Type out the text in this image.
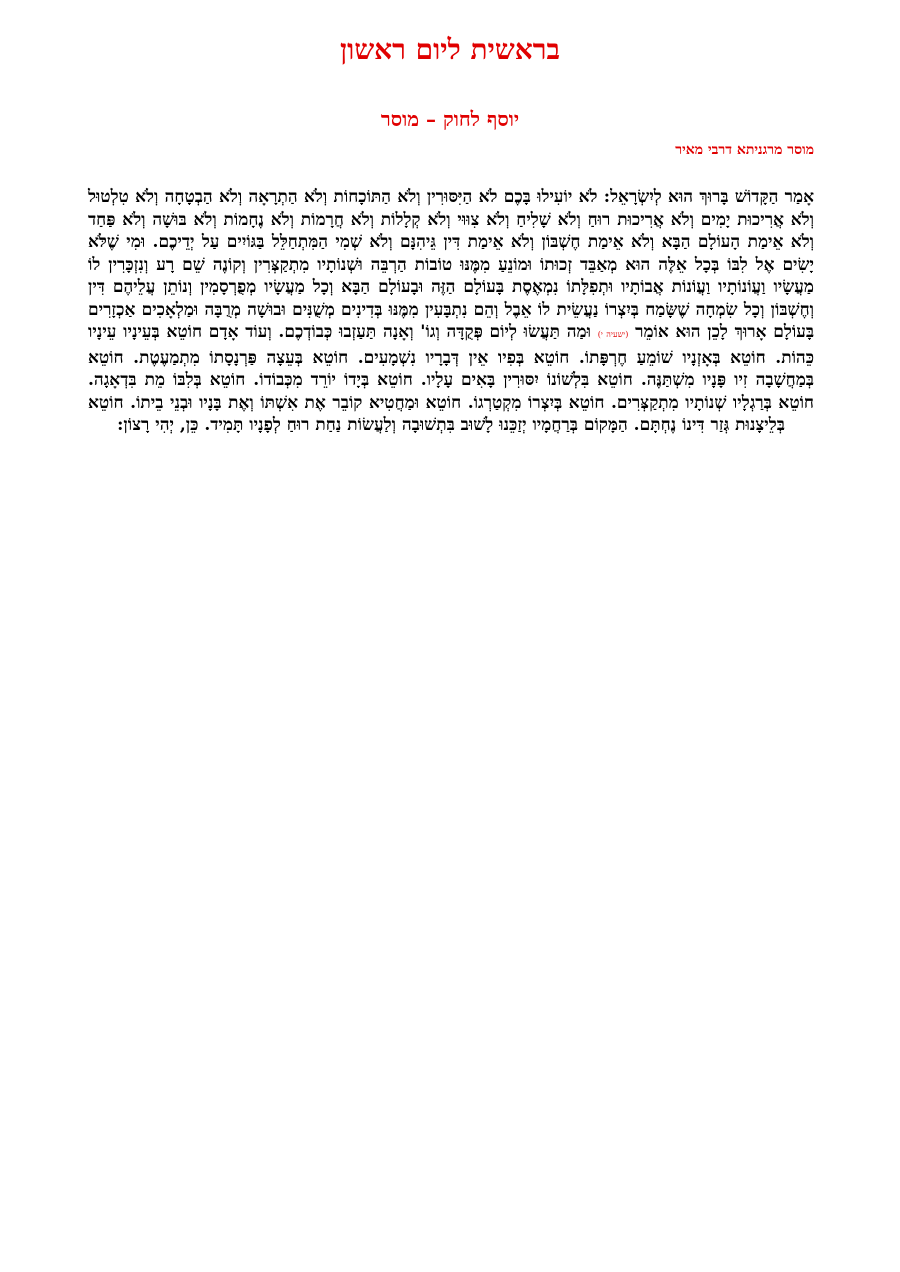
בראשית ליום ראשון
יוסף לחוק – מוסר
מוסר מרגניתא דרבי מאיר

אָמַר הַקָּדוֹשׁ בָּרוּךְ הוּא לְיִשְׂרָאֵל: לֹא יוֹעִילוּ בָּכֶם לֹא הַיִּסּוּרִין וְלֹא הַתּוֹכָחוֹת וְלֹא הַתְרָאָה וְלֹא הַבְטָחָה וְלֹא טִלְטוּל וְלֹא אֲרִיכוּת יָמִים וְלֹא אֲרִיכוּת רוּחַ וְלֹא שָׁלִיחַ וְלֹא צִוּוּי וְלֹא קְלָלוֹת וְלֹא חֲרָמוֹת וְלֹא נֶחָמוֹת וְלֹא בּוּשָׁה וְלֹא פַּחַד וְלֹא אֵימַת הָעוֹלָם הַבָּא וְלֹא אֵימַת חֶשְׁבּוֹן וְלֹא אֵימַת דִּין גֵּיהִנָּם וְלֹא שְׁמִי הַמִּתְחַלֵּל בַּגּוֹיִים עַל יְדֵיכֶם. וּמִי שֶׁלֹּא יָשִׂים אֶל לִבּוֹ בְּכָל אֵלֶּה הוּא מְאַבֵּד זְכוּתוֹ וּמוֹנֵעַ מִמֶּנּוּ טוֹבוֹת הַרְבֵּה וּשְׁנוֹתָיו מִתְקַצְּרִין וְקוֹנֶה שֵׁם רָע וְנִזְכָּרִין לוֹ מַעֲשָׂיו וַעֲוֹנוֹתָיו וַעֲוֹנוֹת אֲבוֹתָיו וּתְפִלָּתוֹ נִמְאֶסֶת בָּעוֹלָם הַזֶּה וּבָעוֹלָם הַבָּא וְכָל מַעֲשָׂיו מְפֻרְסָמִין וְנוֹתֵן עֲלֵיהֶם דִּין וְחֶשְׁבּוֹן וְכָל שִׂמְחָה שֶׁשָּׂמַח בְּיִצְרוֹ נַעֲשֵׂית לוֹ אֵבֶל וְהֵם נִתְבָּעִין מִמֶּנּוּ בְּדִינִים מְשֻׁנִּים וּבוּשָׁה מְרֻבָּה וּמַלְאָכִים אַכְזָרִים בָּעוֹלָם אָרוּךְ לָכֵן הוּא אוֹמֵר (ישעיה י) וּמַה תַּעֲשׂוּ לְיוֹם פְּקֻדָּה וְגוֹ' וְאָנָה תַּעַזְבוּ כְּבוֹדְכֶם. וְעוֹד אָדָם חוֹטֵא בְּעֵינָיו עֵינָיו כֵּהוֹת. חוֹטֵא בְּאָזְנָיו שׁוֹמֵעַ חֶרְפָּתוֹ. חוֹטֵא בְּפִיו אֵין דְּבָרָיו נִשְׁמָעִים. חוֹטֵא בְּעֵצָה פַּרְנָסָתוֹ מִתְמַעֶטֶת. חוֹטֵא בְּמַחֲשָׁבָה זִיו פָּנָיו מִשְׁתַּנֶּה. חוֹטֵא בִּלְשׁוֹנוֹ יִסּוּרִין בָּאִים עָלָיו. חוֹטֵא בְּיָדוֹ יוֹרֵד מִכְּבוֹדוֹ. חוֹטֵא בְּלִבּוֹ מֵת בִּדְאָגָה. חוֹטֵא בְּרַגְלָיו שְׁנוֹתָיו מִתְקַצְּרִים. חוֹטֵא בְּיִצְרוֹ מִקְטַרְגוֹ. חוֹטֵא וּמַחֲטִיא קוֹבֵר אֶת אִשְׁתּוֹ וְאֶת בָּנָיו וּבְנֵי בֵיתוֹ. חוֹטֵא בְּלֵיצָנוּת גְּזַר דִּינוֹ נֶחְתָּם. הַמָּקוֹם בְּרַחֲמָיו יְזַכֵּנוּ לָשׁוּב בִּתְשׁוּבָה וְלַעֲשׂוֹת נַחַת רוּחַ לְפָנָיו תָּמִיד. כֵּן, יְהִי רָצוֹן:
